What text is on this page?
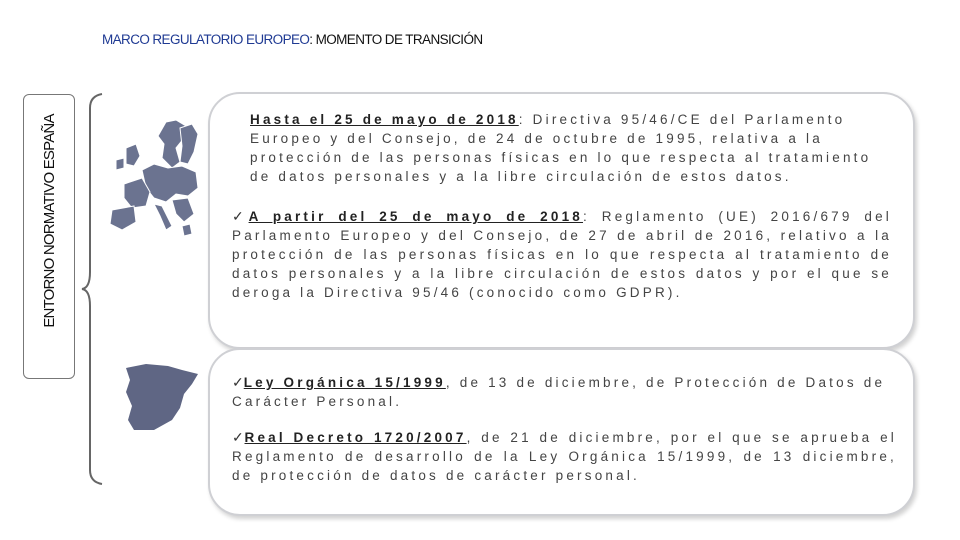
MARCO REGULATORIO EUROPEO: MOMENTO DE TRANSICIÓN
ENTORNO NORMATIVO ESPAÑA	Hasta el 25 de mayo de 2018: Directiva 95/46/CE del Parlamento Europeo y del Consejo, de 24 de octubre de 1995, relativa a la protección de las personas físicas en lo que respecta al tratamiento de datos personales y a la libre circulación de estos datos.
✓A partir del 25 de mayo de 2018: Reglamento (UE) 2016/679 del Parlamento Europeo y del Consejo, de 27 de abril de 2016, relativo a la protección de las personas físicas en lo que respecta al tratamiento de datos personales y a la libre circulación de estos datos y por el que se deroga la Directiva 95/46 (conocido como GDPR).
✓Ley Orgánica 15/1999, de 13 de diciembre, de Protección de Datos de Carácter Personal.
✓Real Decreto 1720/2007, de 21 de diciembre, por el que se aprueba el Reglamento de desarrollo de la Ley Orgánica 15/1999, de 13 diciembre, de protección de datos de carácter personal.
